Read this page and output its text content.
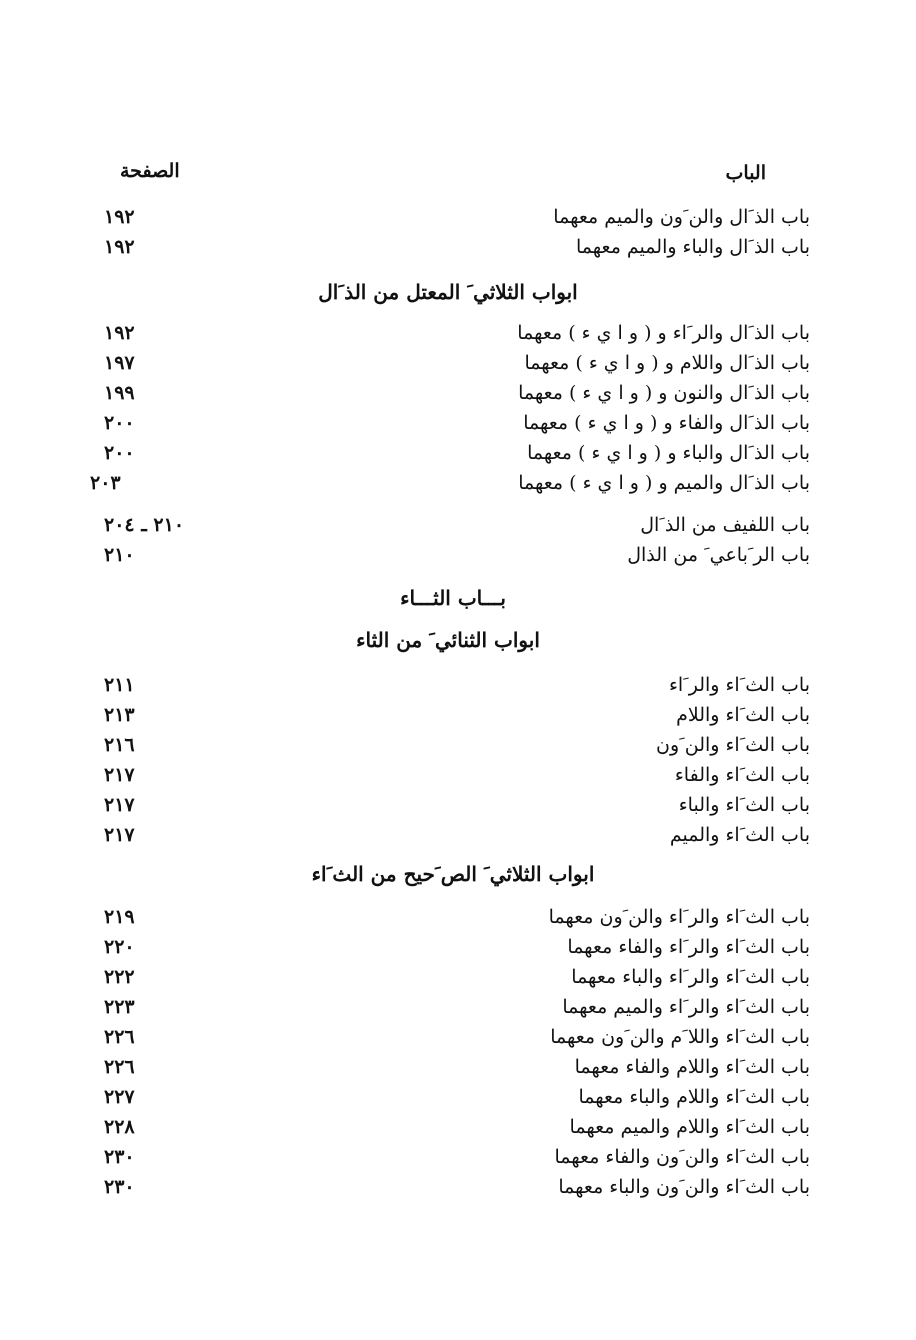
الباب
الصفحة
باب الذ َال والن َون والميم معهما
١٩٢
باب الذ َال والباء والميم معهما
١٩٢
ابواب الثلاثي َ المعتل من الذ َال
باب الذ َال والر َاء و ( و ا ي ء ) معهما
١٩٢
باب الذ َال واللام و ( و ا ي ء ) معهما
١٩٧
باب الذ َال والنون و ( و ا ي ء ) معهما
١٩٩
باب الذ َال والفاء و ( و ا ي ء ) معهما
٢٠٠
باب الذ َال والباء و ( و ا ي ء ) معهما
٢٠٠
باب الذ َال والميم و ( و ا ي ء ) معهما
٢٠٣
باب اللفيف من الذ َال
٢١٠ ـ ٢٠٤
باب الر َباعي َ من الذال
٢١٠
بـــاب الثـــاء
ابواب الثنائي َ من الثاء
باب الث َاء والر َاء
٢١١
باب الث َاء واللام
٢١٣
باب الث َاء والن َون
٢١٦
باب الث َاء والفاء
٢١٧
باب الث َاء والباء
٢١٧
باب الث َاء والميم
٢١٧
ابواب الثلاثي َ الص َحيح من الث َاء
باب الث َاء والر َاء والن َون معهما
٢١٩
باب الث َاء والر َاء والفاء معهما
٢٢٠
باب الث َاء والر َاء والباء معهما
٢٢٢
باب الث َاء والر َاء والميم معهما
٢٢٣
باب الث َاء واللا َم والن َون معهما
٢٢٦
باب الث َاء واللام والفاء معهما
٢٢٦
باب الث َاء واللام والباء معهما
٢٢٧
باب الث َاء واللام والميم معهما
٢٢٨
باب الث َاء والن َون والفاء معهما
٢٣٠
باب الث َاء والن َون والباء معهما
٢٣٠
